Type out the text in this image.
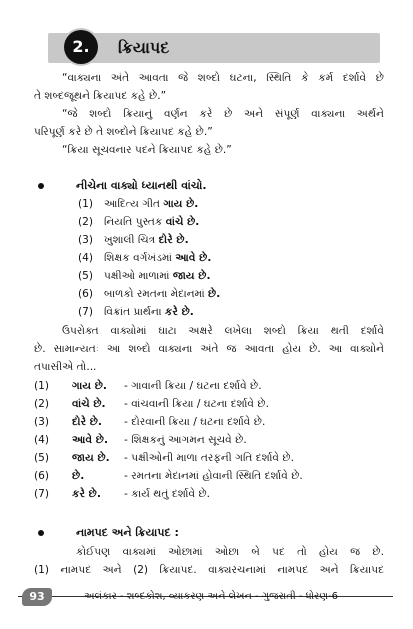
2.	ક્રિયાપદ
“વાક્યના અંતે આવતા જે શબ્દો ઘટના, સ્થિતિ કે કર્મ દર્શાવે છે
તે શબ્દજૂથને ક્રિયાપદ કહે છે.”
“જે શબ્દો ક્રિયાનું વર્ણન કરે છે અને સંપૂર્ણ વાક્યના અર્થને
પરિપૂર્ણ કરે છે તે શબ્દોને ક્રિયાપદ કહે છે.”
“ક્રિયા સૂચવનાર પદને ક્રિયાપદ કહે છે.”
નીચેના વાક્યો ધ્યાનથી વાંચો.
(1) આદિત્ય ગીત ગાય છે.
(2) નિયતિ પુસ્તક વાંચે છે.
(3) ખુશાલી ચિત્ર દોરે છે.
(4) શિક્ષક વર્ગખંડમાં આવે છે.
(5) પક્ષીઓ માળામાં જાય છે.
(6) બાળકો રમતના મેદાનમાં છે.
(7) વિક્રાંત પ્રાર્થના કરે છે.
ઉપરોક્ત વાક્યોમાં ઘાટા અક્ષરે લખેલા શબ્દો ક્રિયા થતી દર્શાવે
છે. સામાન્યતઃ આ શબ્દો વાક્યના અંતે જ આવતા હોય છે. આ વાક્યોને
તપાસીએ તો...
(1) ગાય છે. - ગાવાની ક્રિયા / ઘટના દર્શાવે છે.
(2) વાંચે છે. - વાંચવાની ક્રિયા / ઘટના દર્શાવે છે.
(3) દોરે છે. - દોરવાની ક્રિયા / ઘટના દર્શાવે છે.
(4) આવે છે. - શિક્ષકનું આગમન સૂચવે છે.
(5) જાય છે. - પક્ષીઓની માળા તરફની ગતિ દર્શાવે છે.
(6) છે.	- રમતના મેદાનમાં હોવાની સ્થિતિ દર્શાવે છે.
(7) કરે છે. - કાર્ય થતું દર્શાવે છે.
નામપદ અને ક્રિયાપદ :
કોઈપણ વાક્યમાં ઓછામાં ઓછા બે પદ તો હોય જ છે.
(1) નામપદ અને (2) ક્રિયાપદ. વાક્યરચનામાં નામપદ અને ક્રિયાપદ
93	અલંકાર - શબ્દકોશ, વ્યાકરણ અને લેખન - ગુજરાતી - ધોરણ-6
